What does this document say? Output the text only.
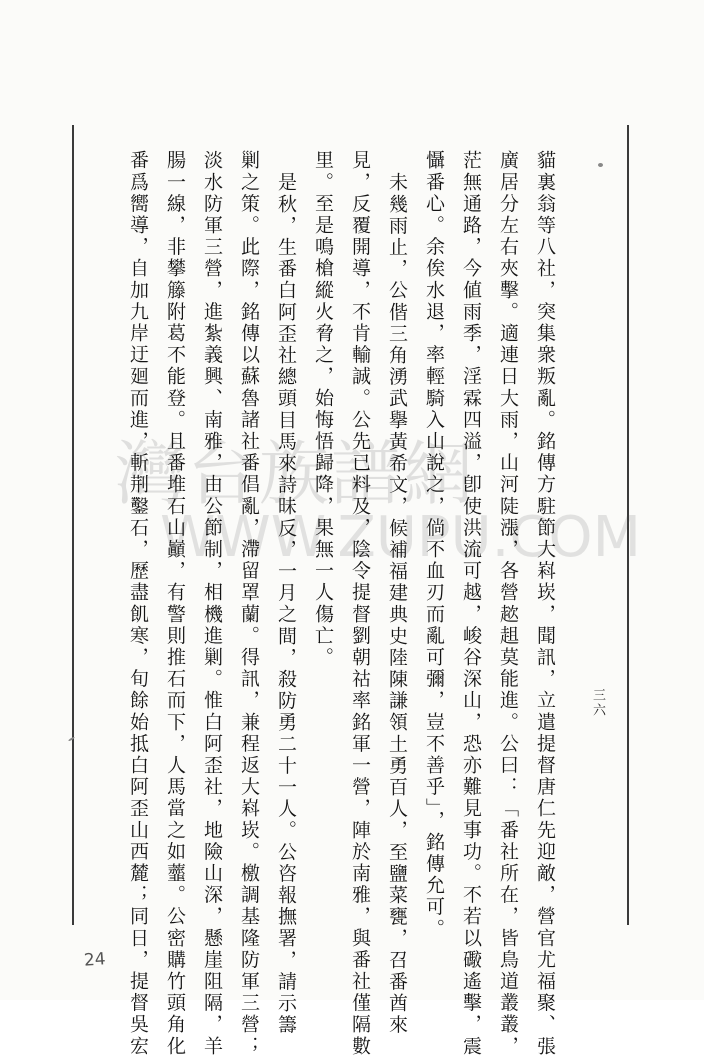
灣台族譜網
WWW.ZUPU.COM
三六
貓裏翁等八社，突集衆叛亂。銘傳方駐節大嵙崁，聞訊，立遣提督唐仁先迎敵，營官尤福聚、張
廣居分左右夾擊。適連日大雨，山河陡漲，各營趑趄莫能進。公曰：「番社所在，皆鳥道叢叢，
茫無通路，今値雨季，淫霖四溢，卽使洪流可越，峻谷深山，恐亦難見事功。不若以礮遙擊，震
懾番心。余俟水退，率輕騎入山說之，倘不血刃而亂可彌，豈不善乎」，銘傳允可。
未幾雨止，公偕三角湧武擧黃希文，候補福建典史陸陳謙領土勇百人，至鹽菜甕，召番酋來
見，反覆開導，不肯輸誠。公先已料及，陰令提督劉朝祜率銘軍一營，陣於南雅，與番社僅隔數
里。至是鳴槍縱火脅之，始悔悟歸降，果無一人傷亡。
是秋，生番白阿歪社總頭目馬來詩昧反，一月之間，殺防勇二十一人。公咨報撫署，請示籌
剿之策。此際，銘傳以蘇魯諸社番倡亂，滯留罩蘭。得訊，兼程返大嵙崁。檄調基隆防軍三營；
淡水防軍三營，進紮義興、南雅，由公節制，相機進剿。惟白阿歪社，地險山深，懸崖阻隔，羊
腸一線，非攀籐附葛不能登。且番堆石山巓，有警則推石而下，人馬當之如虀。公密購竹頭角化
番爲嚮導，自加九岸迂廻而進，斬荆鑿石，歷盡飢寒，旬餘始抵白阿歪山西麓；同日，提督吳宏
24
